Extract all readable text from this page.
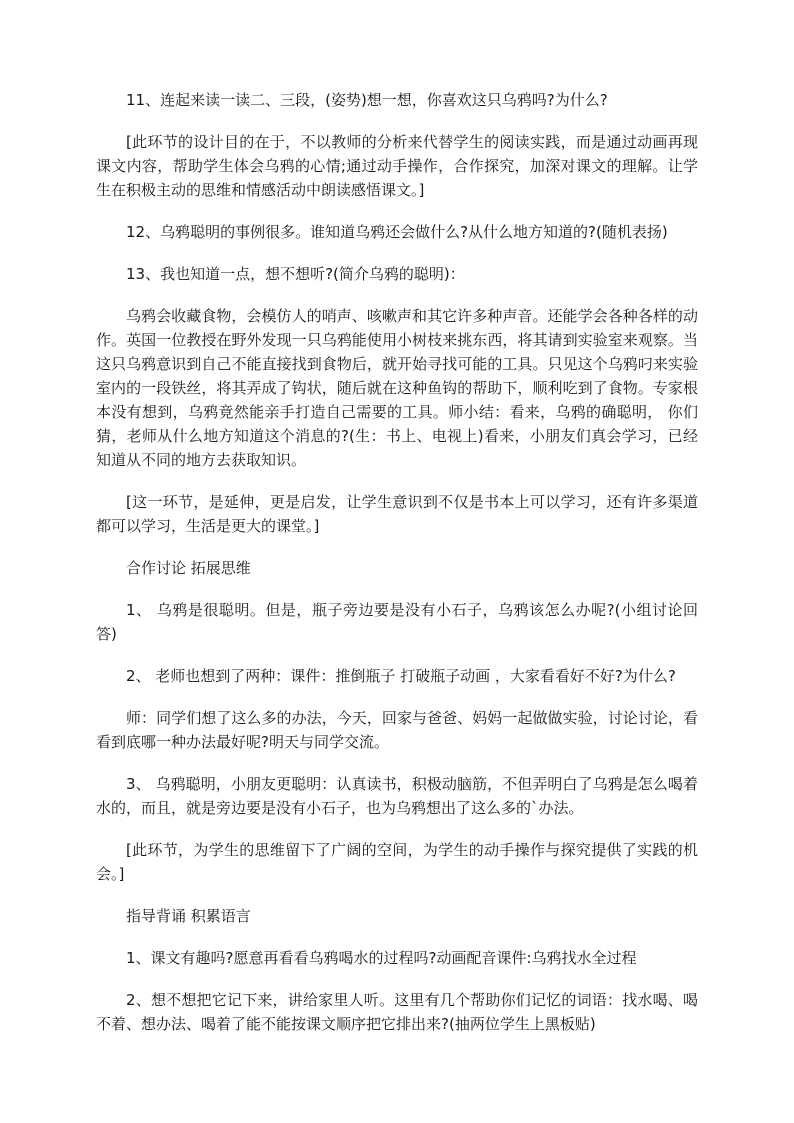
11、连起来读一读二、三段，(姿势)想一想，你喜欢这只乌鸦吗?为什么?

[此环节的设计目的在于，不以教师的分析来代替学生的阅读实践，而是通过动画再现课文内容，帮助学生体会乌鸦的心情;通过动手操作，合作探究，加深对课文的理解。让学生在积极主动的思维和情感活动中朗读感悟课文。]

12、乌鸦聪明的事例很多。谁知道乌鸦还会做什么?从什么地方知道的?(随机表扬)

13、我也知道一点，想不想听?(简介乌鸦的聪明)：

乌鸦会收藏食物，会模仿人的哨声、咳嗽声和其它许多种声音。还能学会各种各样的动作。英国一位教授在野外发现一只乌鸦能使用小树枝来挑东西，将其请到实验室来观察。当这只乌鸦意识到自己不能直接找到食物后，就开始寻找可能的工具。只见这个乌鸦叼来实验室内的一段铁丝，将其弄成了钩状，随后就在这种鱼钩的帮助下，顺利吃到了食物。专家根本没有想到，乌鸦竟然能亲手打造自己需要的工具。师小结：看来，乌鸦的确聪明， 你们猜，老师从什么地方知道这个消息的?(生：书上、电视上)看来，小朋友们真会学习，已经知道从不同的地方去获取知识。

[这一环节，是延伸，更是启发，让学生意识到不仅是书本上可以学习，还有许多渠道都可以学习，生活是更大的课堂。]

合作讨论 拓展思维

1、 乌鸦是很聪明。但是，瓶子旁边要是没有小石子，乌鸦该怎么办呢?(小组讨论回答)

2、 老师也想到了两种：课件：推倒瓶子 打破瓶子动画 ，大家看看好不好?为什么?

师：同学们想了这么多的办法，今天，回家与爸爸、妈妈一起做做实验，讨论讨论，看看到底哪一种办法最好呢?明天与同学交流。

3、 乌鸦聪明，小朋友更聪明：认真读书，积极动脑筋，不但弄明白了乌鸦是怎么喝着水的，而且，就是旁边要是没有小石子，也为乌鸦想出了这么多的`办法。

[此环节，为学生的思维留下了广阔的空间，为学生的动手操作与探究提供了实践的机会。]

指导背诵 积累语言

1、课文有趣吗?愿意再看看乌鸦喝水的过程吗?动画配音课件:乌鸦找水全过程

2、想不想把它记下来，讲给家里人听。这里有几个帮助你们记忆的词语：找水喝、喝不着、想办法、喝着了能不能按课文顺序把它排出来?(抽两位学生上黑板贴)
